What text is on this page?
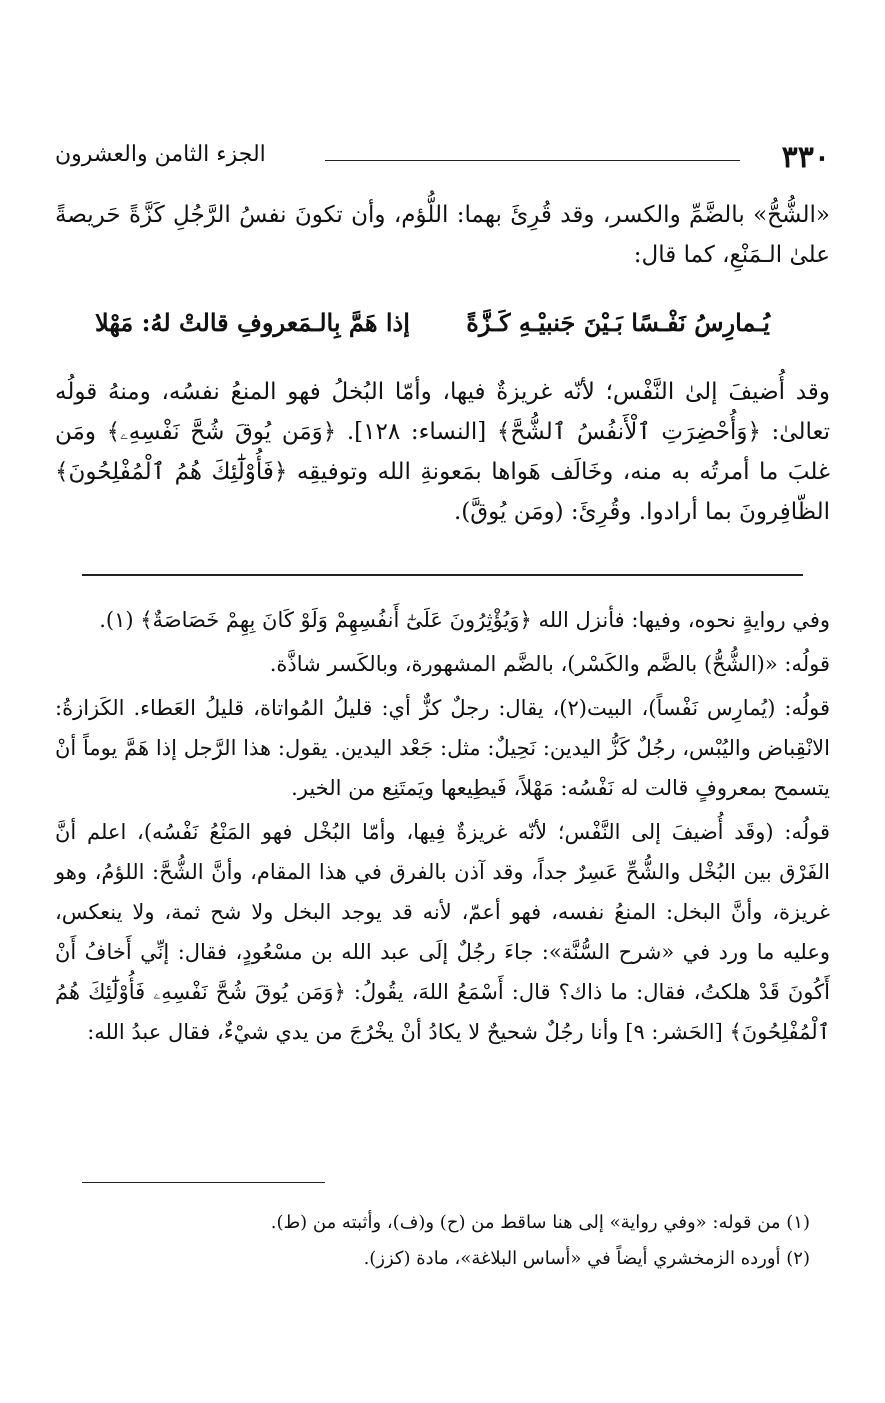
٣٣٠
الجزء الثامن والعشرون

«الشُّحُّ» بالضَّمِّ والكسر، وقد قُرِئَ بهما: اللُّؤم، وأن تكونَ نفسُ الرَّجُلِ كَزَّةً حَريصةً علىٰ الـمَنْعِ، كما قال:

يُـمارِسُ نَفْـسًا بَـيْنَ جَنبيْـهِ كَـزَّةً
إذا هَمَّ بِالـمَعروفِ قالتْ لهُ: مَهْلا

وقد أُضيفَ إلىٰ النَّفْس؛ لأنّه غريزةٌ فيها، وأمّا البُخلُ فهو المنعُ نفسُه، ومنهُ قولُه تعالىٰ: ﴿وَأُحْضِرَتِ ٱلْأَنفُسُ ٱلشُّحَّ﴾ [النساء: ١٢٨]. ﴿وَمَن يُوقَ شُحَّ نَفْسِهِۦ﴾ ومَن غلبَ ما أمرتُه به منه، وخَالَف هَواها بمَعونةِ الله وتوفيقِه ﴿فَأُوْلَٰٓئِكَ هُمُ ٱلْمُفْلِحُونَ﴾ الظّافِرونَ بما أرادوا. وقُرِئَ: (ومَن يُوقَّ).

وفي روايةٍ نحوه، وفيها: فأنزل الله ﴿وَيُؤْثِرُونَ عَلَىٰٓ أَنفُسِهِمْ وَلَوْ كَانَ بِهِمْ خَصَاصَةٌ﴾ (١).

قولُه: «(الشُّحُّ) بالضَّم والكَسْر)، بالضَّم المشهورة، وبالكَسر شاذَّة.

قولُه: (يُمارِس نَفْساً)، البيت(٢)، يقال: رجلٌ كزٌّ أي: قليلُ المُواتاة، قليلُ العَطاء. الكَزازةُ: الانْقِباض واليُبْس، رجُلٌ كَزُّ اليدين: نَحِيلٌ: مثل: جَعْد اليدين. يقول: هذا الرَّجل إذا هَمَّ يوماً أنْ يتسمح بمعروفٍ قالت له نَفْسُه: مَهْلاً، فَيطِيعها ويَمتَنِع من الخير.

قولُه: (وقَد أُضيفَ إلى النَّفْس؛ لأنّه غريزةٌ فِيها، وأمّا البُخْل فهو المَنْعُ نَفْسُه)، اعلم أنَّ الفَرْق بين البُخْل والشُّحِّ عَسِرٌ جداً، وقد آذن بالفرق في هذا المقام، وأنَّ الشُّحَّ: اللؤمُ، وهو غريزة، وأنَّ البخل: المنعُ نفسه، فهو أعمّ، لأنه قد يوجد البخل ولا شح ثمة، ولا ينعكس، وعليه ما ورد في «شرح السُّنَّة»: جاءَ رجُلٌ إلَى عبد الله بن مسْعُودٍ، فقال: إنِّي أَخافُ أَنْ أَكُونَ قَدْ هلكتُ، فقال: ما ذاك؟ قال: أَسْمَعُ اللهَ، يقُولُ: ﴿وَمَن يُوقَ شُحَّ نَفْسِهِۦ فَأُوْلَٰٓئِكَ هُمُ ٱلْمُفْلِحُونَ﴾ [الحَشر: ٩] وأنا رجُلٌ شحيحٌ لا يكادُ أنْ يخْرُجَ من يدي شيْءٌ، فقال عبدُ الله:

(١) من قوله: «وفي رواية» إلى هنا ساقط من (ح) و(ف)، وأثبته من (ط).

(٢) أورده الزمخشري أيضاً في «أساس البلاغة»، مادة (كزز).
